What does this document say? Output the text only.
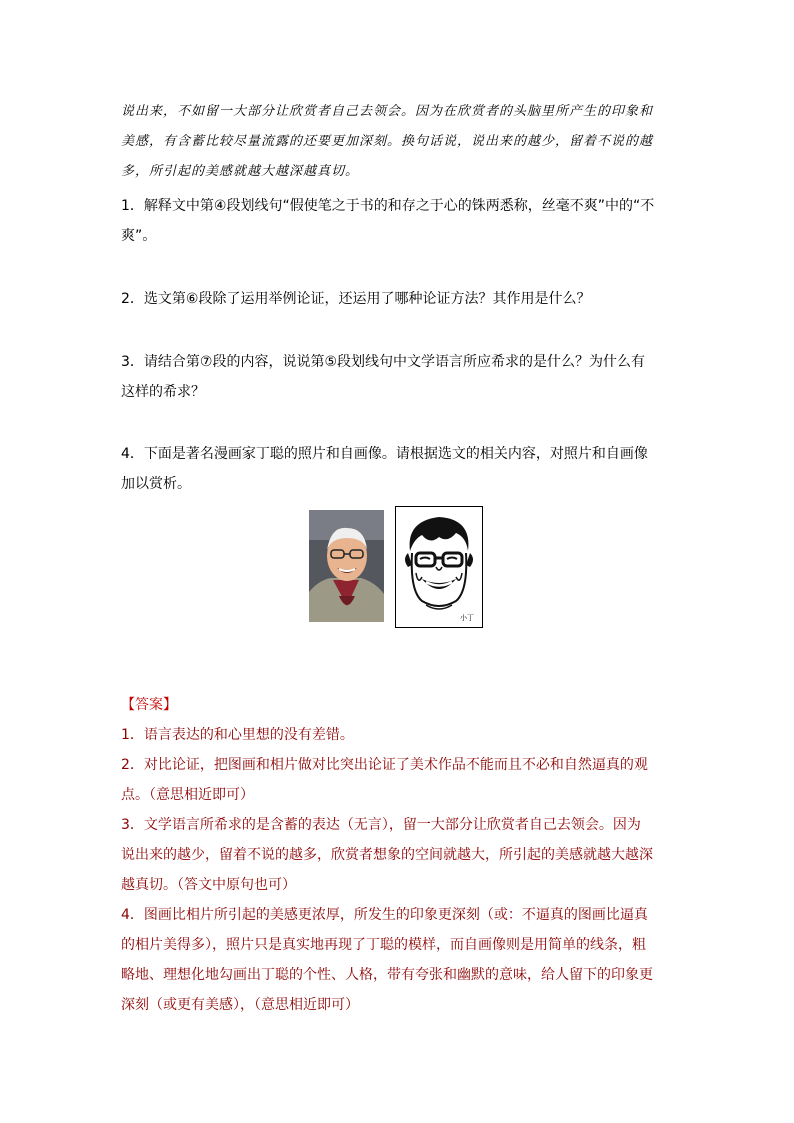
说出来，不如留一大部分让欣赏者自己去领会。因为在欣赏者的头脑里所产生的印象和

美感，有含蓄比较尽量流露的还要更加深刻。换句话说，说出来的越少，留着不说的越

多，所引起的美感就越大越深越真切。

1．解释文中第④段划线句“假使笔之于书的和存之于心的铢两悉称，丝毫不爽”中的“不
爽”。
2．选文第⑥段除了运用举例论证，还运用了哪种论证方法？其作用是什么？
3．请结合第⑦段的内容，说说第⑤段划线句中文学语言所应希求的是什么？为什么有
这样的希求？
4．下面是著名漫画家丁聪的照片和自画像。请根据选文的相关内容，对照片和自画像
加以赏析。
小丁

【答案】

1．语言表达的和心里想的没有差错。

2．对比论证，把图画和相片做对比突出论证了美术作品不能而且不必和自然逼真的观
点。（意思相近即可）

3．文学语言所希求的是含蓄的表达（无言），留一大部分让欣赏者自己去领会。因为
说出来的越少，留着不说的越多，欣赏者想象的空间就越大，所引起的美感就越大越深
越真切。（答文中原句也可）

4．图画比相片所引起的美感更浓厚，所发生的印象更深刻（或：不逼真的图画比逼真
的相片美得多），照片只是真实地再现了丁聪的模样，而自画像则是用简单的线条，粗
略地、理想化地勾画出丁聪的个性、人格，带有夸张和幽默的意味，给人留下的印象更
深刻（或更有美感），（意思相近即可）
